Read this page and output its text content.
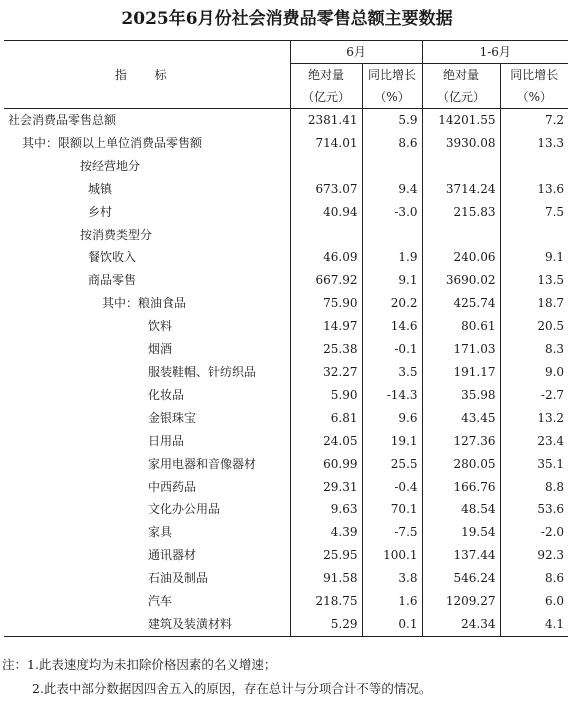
2025年6月份社会消费品零售总额主要数据
指 标	6月		1-6月	
	绝对量	同比增长	绝对量	同比增长
	（亿元）	（%）	（亿元）	（%）
社会消费品零售总额	2381.41	5.9	14201.55	7.2
其中：限额以上单位消费品零售额	714.01	8.6	3930.08	13.3
按经营地分				
城镇	673.07	9.4	3714.24	13.6
乡村	40.94	-3.0	215.83	7.5
按消费类型分				
餐饮收入	46.09	1.9	240.06	9.1
商品零售	667.92	9.1	3690.02	13.5
其中：粮油食品	75.90	20.2	425.74	18.7
饮料	14.97	14.6	80.61	20.5
烟酒	25.38	-0.1	171.03	8.3
服装鞋帽、针纺织品	32.27	3.5	191.17	9.0
化妆品	5.90	-14.3	35.98	-2.7
金银珠宝	6.81	9.6	43.45	13.2
日用品	24.05	19.1	127.36	23.4
家用电器和音像器材	60.99	25.5	280.05	35.1
中西药品	29.31	-0.4	166.76	8.8
文化办公用品	9.63	70.1	48.54	53.6
家具	4.39	-7.5	19.54	-2.0
通讯器材	25.95	100.1	137.44	92.3
石油及制品	91.58	3.8	546.24	8.6
汽车	218.75	1.6	1209.27	6.0
建筑及装潢材料	5.29	0.1	24.34	4.1
注：1.此表速度均为未扣除价格因素的名义增速；
2.此表中部分数据因四舍五入的原因，存在总计与分项合计不等的情况。
